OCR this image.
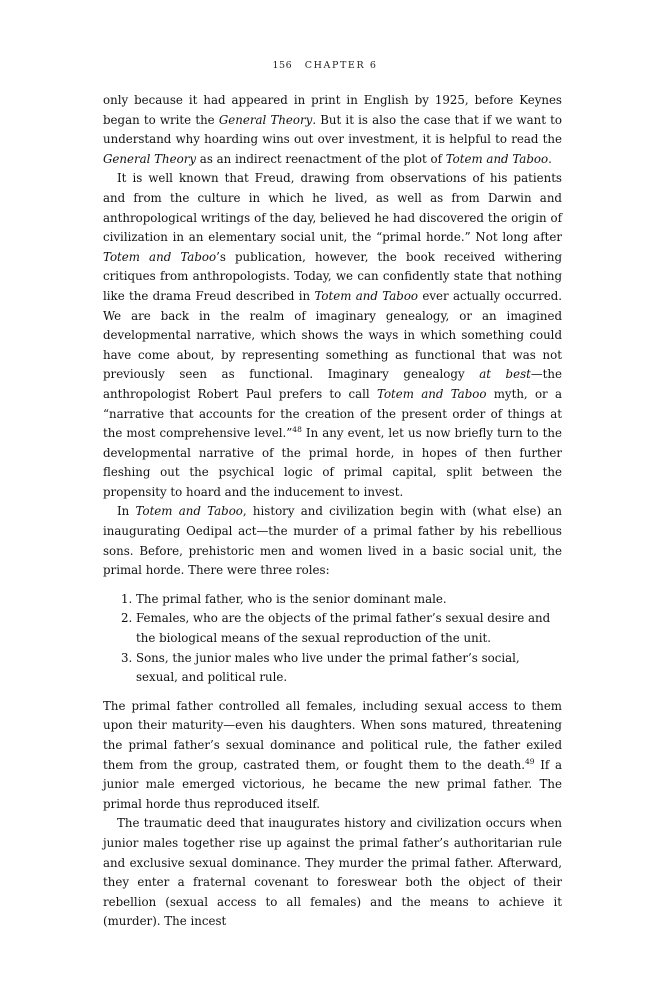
156 CHAPTER 6

only because it had appeared in print in English by 1925, before Keynes began to write the General Theory. But it is also the case that if we want to understand why hoarding wins out over investment, it is helpful to read the General Theory as an indirect reenactment of the plot of Totem and Taboo.

It is well known that Freud, drawing from observations of his patients and from the culture in which he lived, as well as from Darwin and anthropological writings of the day, believed he had discovered the origin of civilization in an elementary social unit, the “primal horde.” Not long after Totem and Taboo’s publication, however, the book received withering critiques from anthropologists. Today, we can confidently state that nothing like the drama Freud described in Totem and Taboo ever actually occurred. We are back in the realm of imaginary genealogy, or an imagined developmental narrative, which shows the ways in which something could have come about, by representing something as functional that was not previously seen as functional. Imaginary genealogy at best—the anthropologist Robert Paul prefers to call Totem and Taboo myth, or a “narrative that accounts for the creation of the present order of things at the most comprehensive level.”$^{48}$ In any event, let us now briefly turn to the developmental narrative of the primal horde, in hopes of then further fleshing out the psychical logic of primal capital, split between the propensity to hoard and the inducement to invest.

In Totem and Taboo, history and civilization begin with (what else) an inaugurating Oedipal act—the murder of a primal father by his rebellious sons. Before, prehistoric men and women lived in a basic social unit, the primal horde. There were three roles:

1. The primal father, who is the senior dominant male.
2. Females, who are the objects of the primal father’s sexual desire and the biological means of the sexual reproduction of the unit.
3. Sons, the junior males who live under the primal father’s social, sexual, and political rule.

The primal father controlled all females, including sexual access to them upon their maturity—even his daughters. When sons matured, threatening the primal father’s sexual dominance and political rule, the father exiled them from the group, castrated them, or fought them to the death.$^{49}$ If a junior male emerged victorious, he became the new primal father. The primal horde thus reproduced itself.

The traumatic deed that inaugurates history and civilization occurs when junior males together rise up against the primal father’s authoritarian rule and exclusive sexual dominance. They murder the primal father. Afterward, they enter a fraternal covenant to foreswear both the object of their rebellion (sexual access to all females) and the means to achieve it (murder). The incest
